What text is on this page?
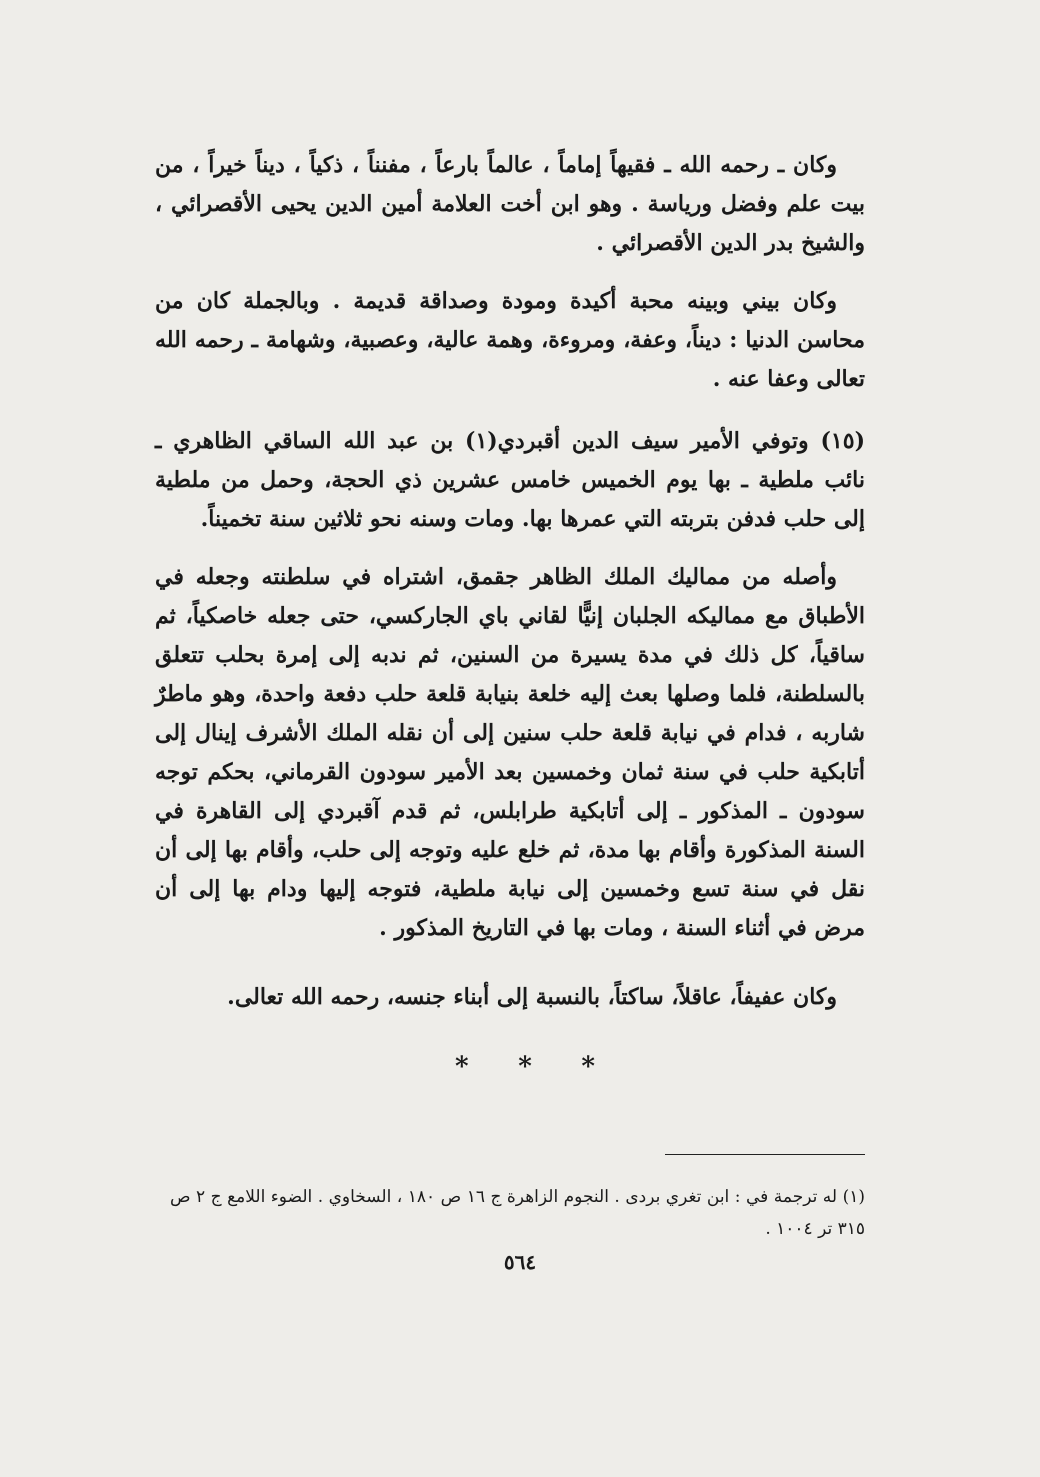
وكان ـ رحمه الله ـ فقيهاً إماماً ، عالماً بارعاً ، مفنناً ، ذكياً ، ديناً خيراً ، من بيت علم وفضل ورياسة . وهو ابن أخت العلامة أمين الدين يحيى الأقصرائي ، والشيخ بدر الدين الأقصرائي .

وكان بيني وبينه محبة أكيدة ومودة وصداقة قديمة . وبالجملة كان من محاسن الدنيا : ديناً، وعفة، ومروءة، وهمة عالية، وعصبية، وشهامة ـ رحمه الله تعالى وعفا عنه .

(١٥) وتوفي الأمير سيف الدين أقبردي(١) بن عبد الله الساقي الظاهري ـ نائب ملطية ـ بها يوم الخميس خامس عشرين ذي الحجة، وحمل من ملطية إلى حلب فدفن بتربته التي عمرها بها. ومات وسنه نحو ثلاثين سنة تخميناً.

وأصله من مماليك الملك الظاهر جقمق، اشتراه في سلطنته وجعله في الأطباق مع مماليكه الجلبان إنيًّا لقاني باي الجاركسي، حتى جعله خاصكياً، ثم ساقياً، كل ذلك في مدة يسيرة من السنين، ثم ندبه إلى إمرة بحلب تتعلق بالسلطنة، فلما وصلها بعث إليه خلعة بنيابة قلعة حلب دفعة واحدة، وهو ماطرٌ شاربه ، فدام في نيابة قلعة حلب سنين إلى أن نقله الملك الأشرف إينال إلى أتابكية حلب في سنة ثمان وخمسين بعد الأمير سودون القرماني، بحكم توجه سودون ـ المذكور ـ إلى أتابكية طرابلس، ثم قدم آقبردي إلى القاهرة في السنة المذكورة وأقام بها مدة، ثم خلع عليه وتوجه إلى حلب، وأقام بها إلى أن نقل في سنة تسع وخمسين إلى نيابة ملطية، فتوجه إليها ودام بها إلى أن مرض في أثناء السنة ، ومات بها في التاريخ المذكور .

وكان عفيفاً، عاقلاً، ساكتاً، بالنسبة إلى أبناء جنسه، رحمه الله تعالى.

* * *

(١) له ترجمة في : ابن تغري بردى . النجوم الزاهرة ج ١٦ ص ١٨٠ ، السخاوي . الضوء اللامع ج ٢ ص ٣١٥ تر ١٠٠٤ .

٥٦٤
